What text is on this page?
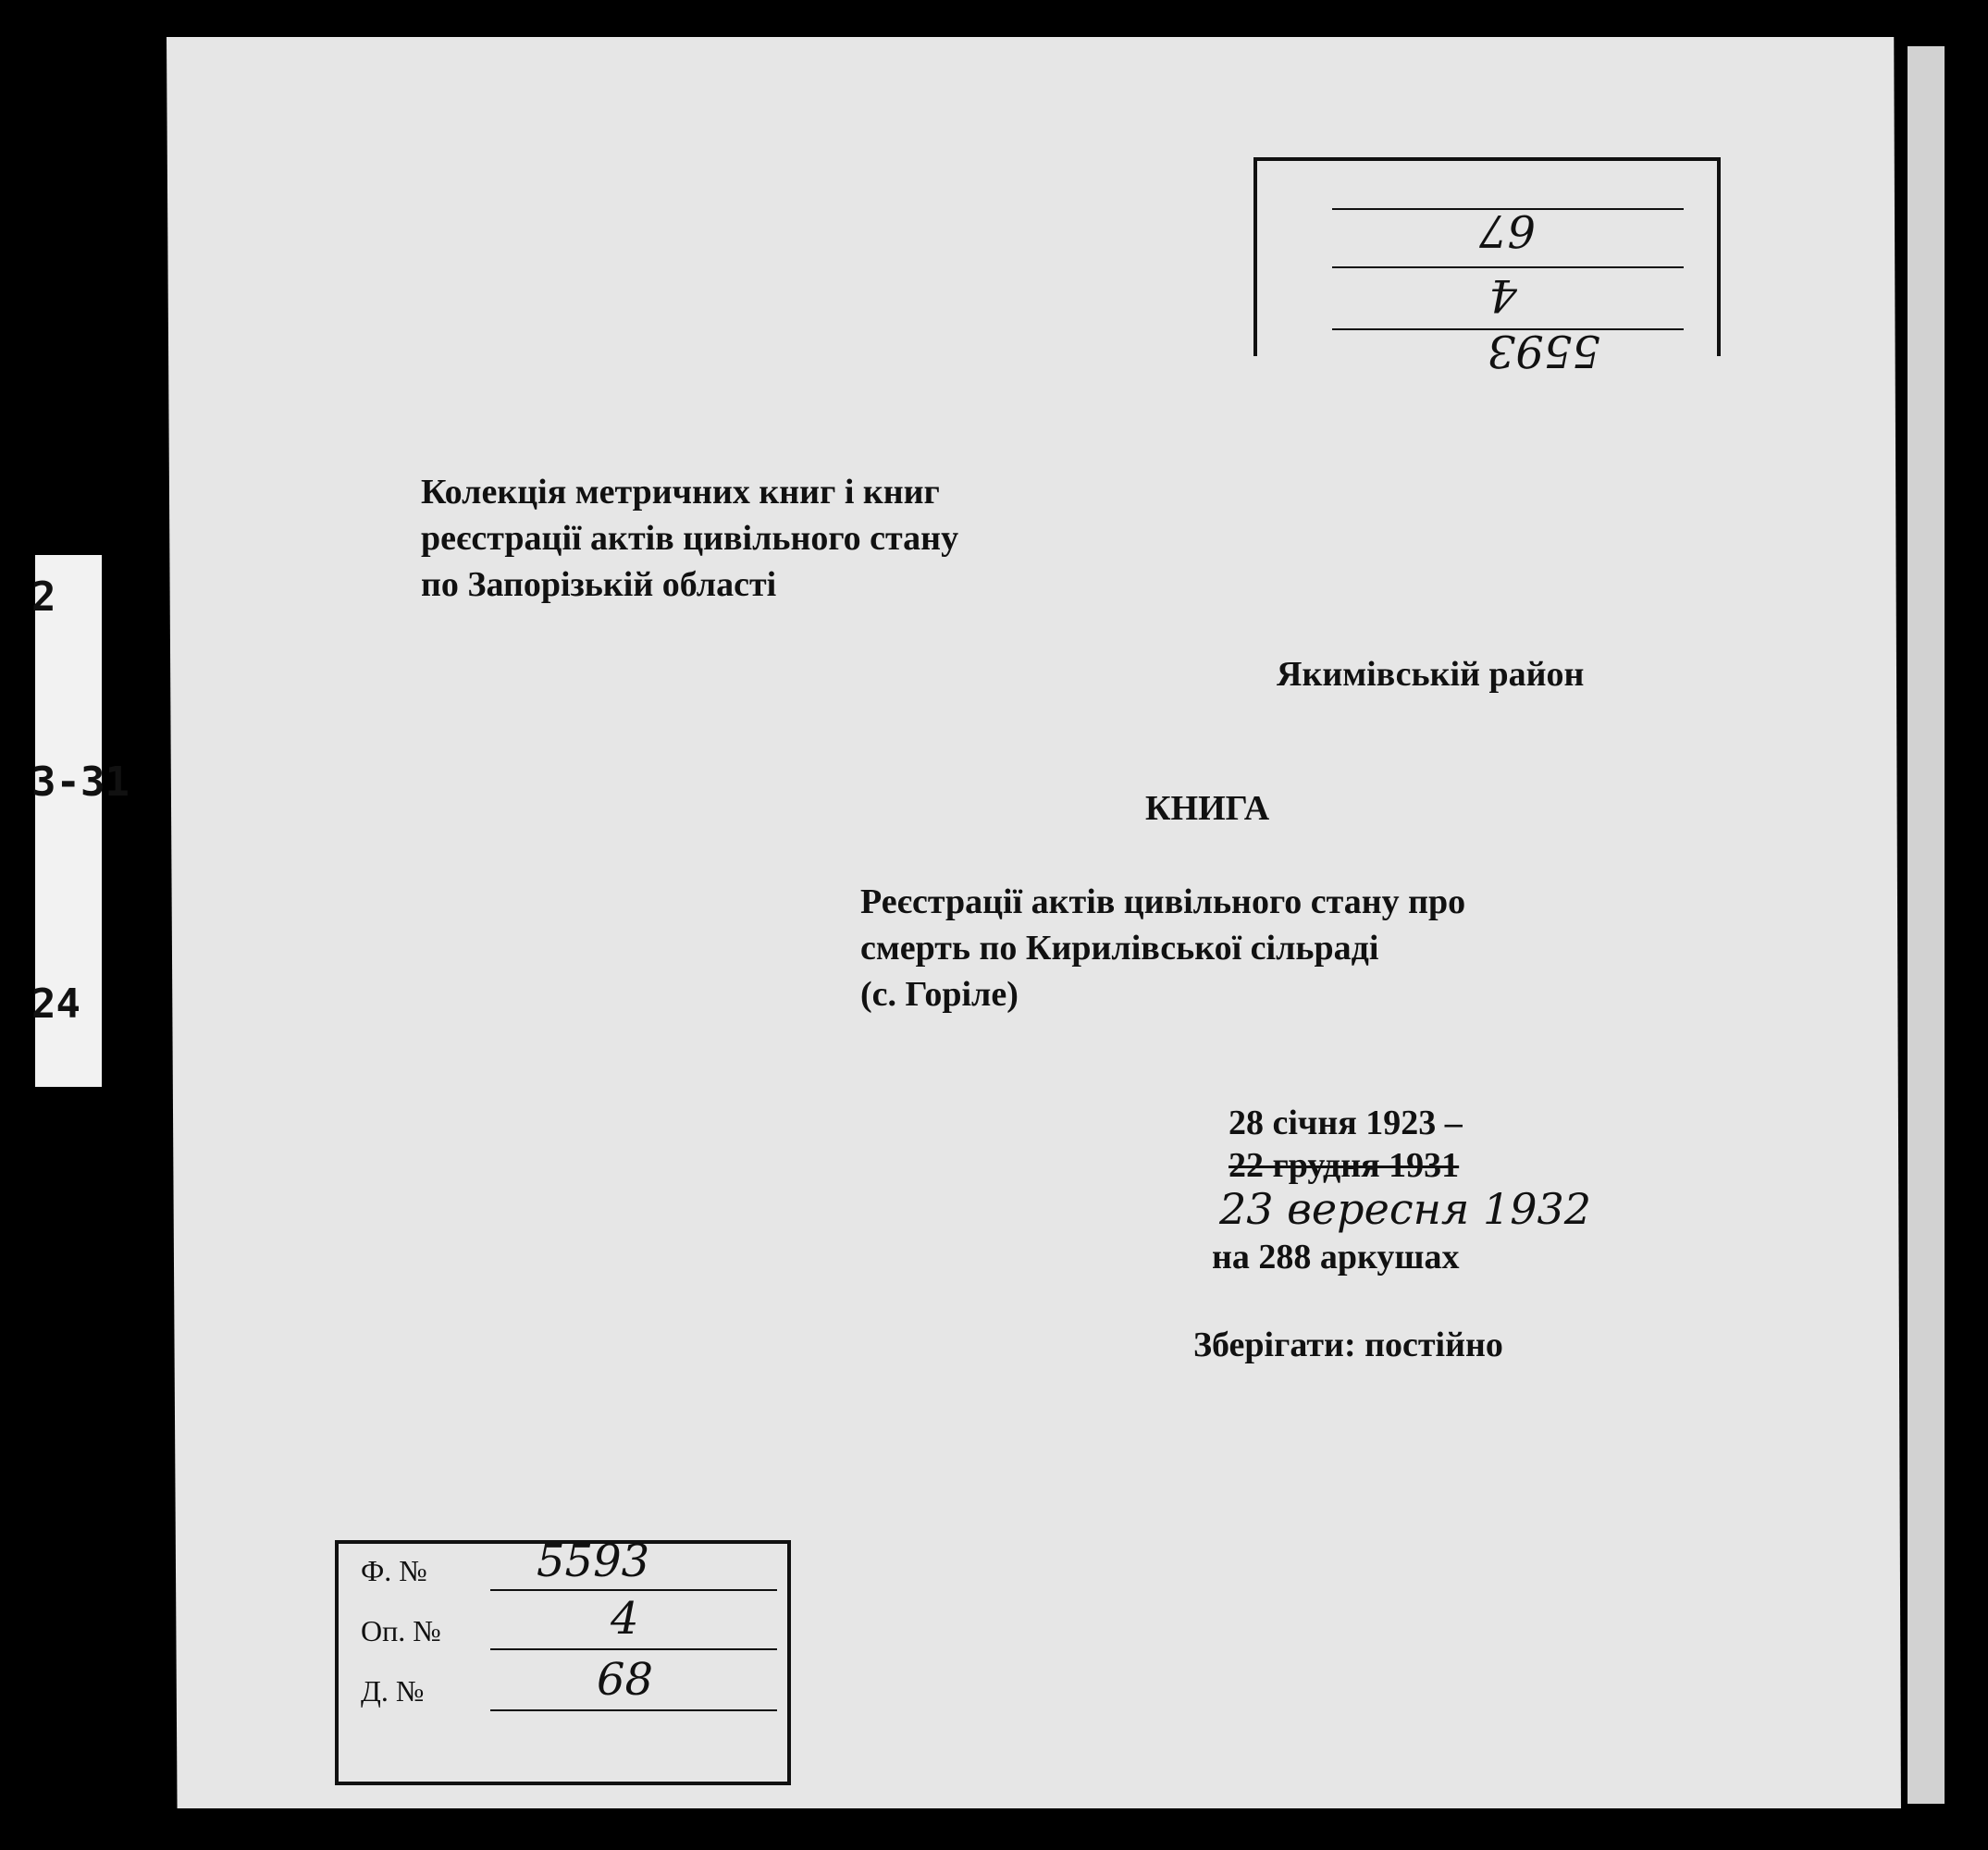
2
3-31
24
5593
4
67
Колекція метричних книг і книг
реєстрації актів цивільного стану
по Запорізькій області
Якимівській район
КНИГА
Реєстрації актів цивільного стану про
смерть по Кирилівської сільраді
(с. Горіле)
28 січня 1923 –
22 грудня 1931
23 вересня 1932
на 288 аркушах
Зберігати: постійно
Ф. № 5593
Оп. №	4
Д. №	68
